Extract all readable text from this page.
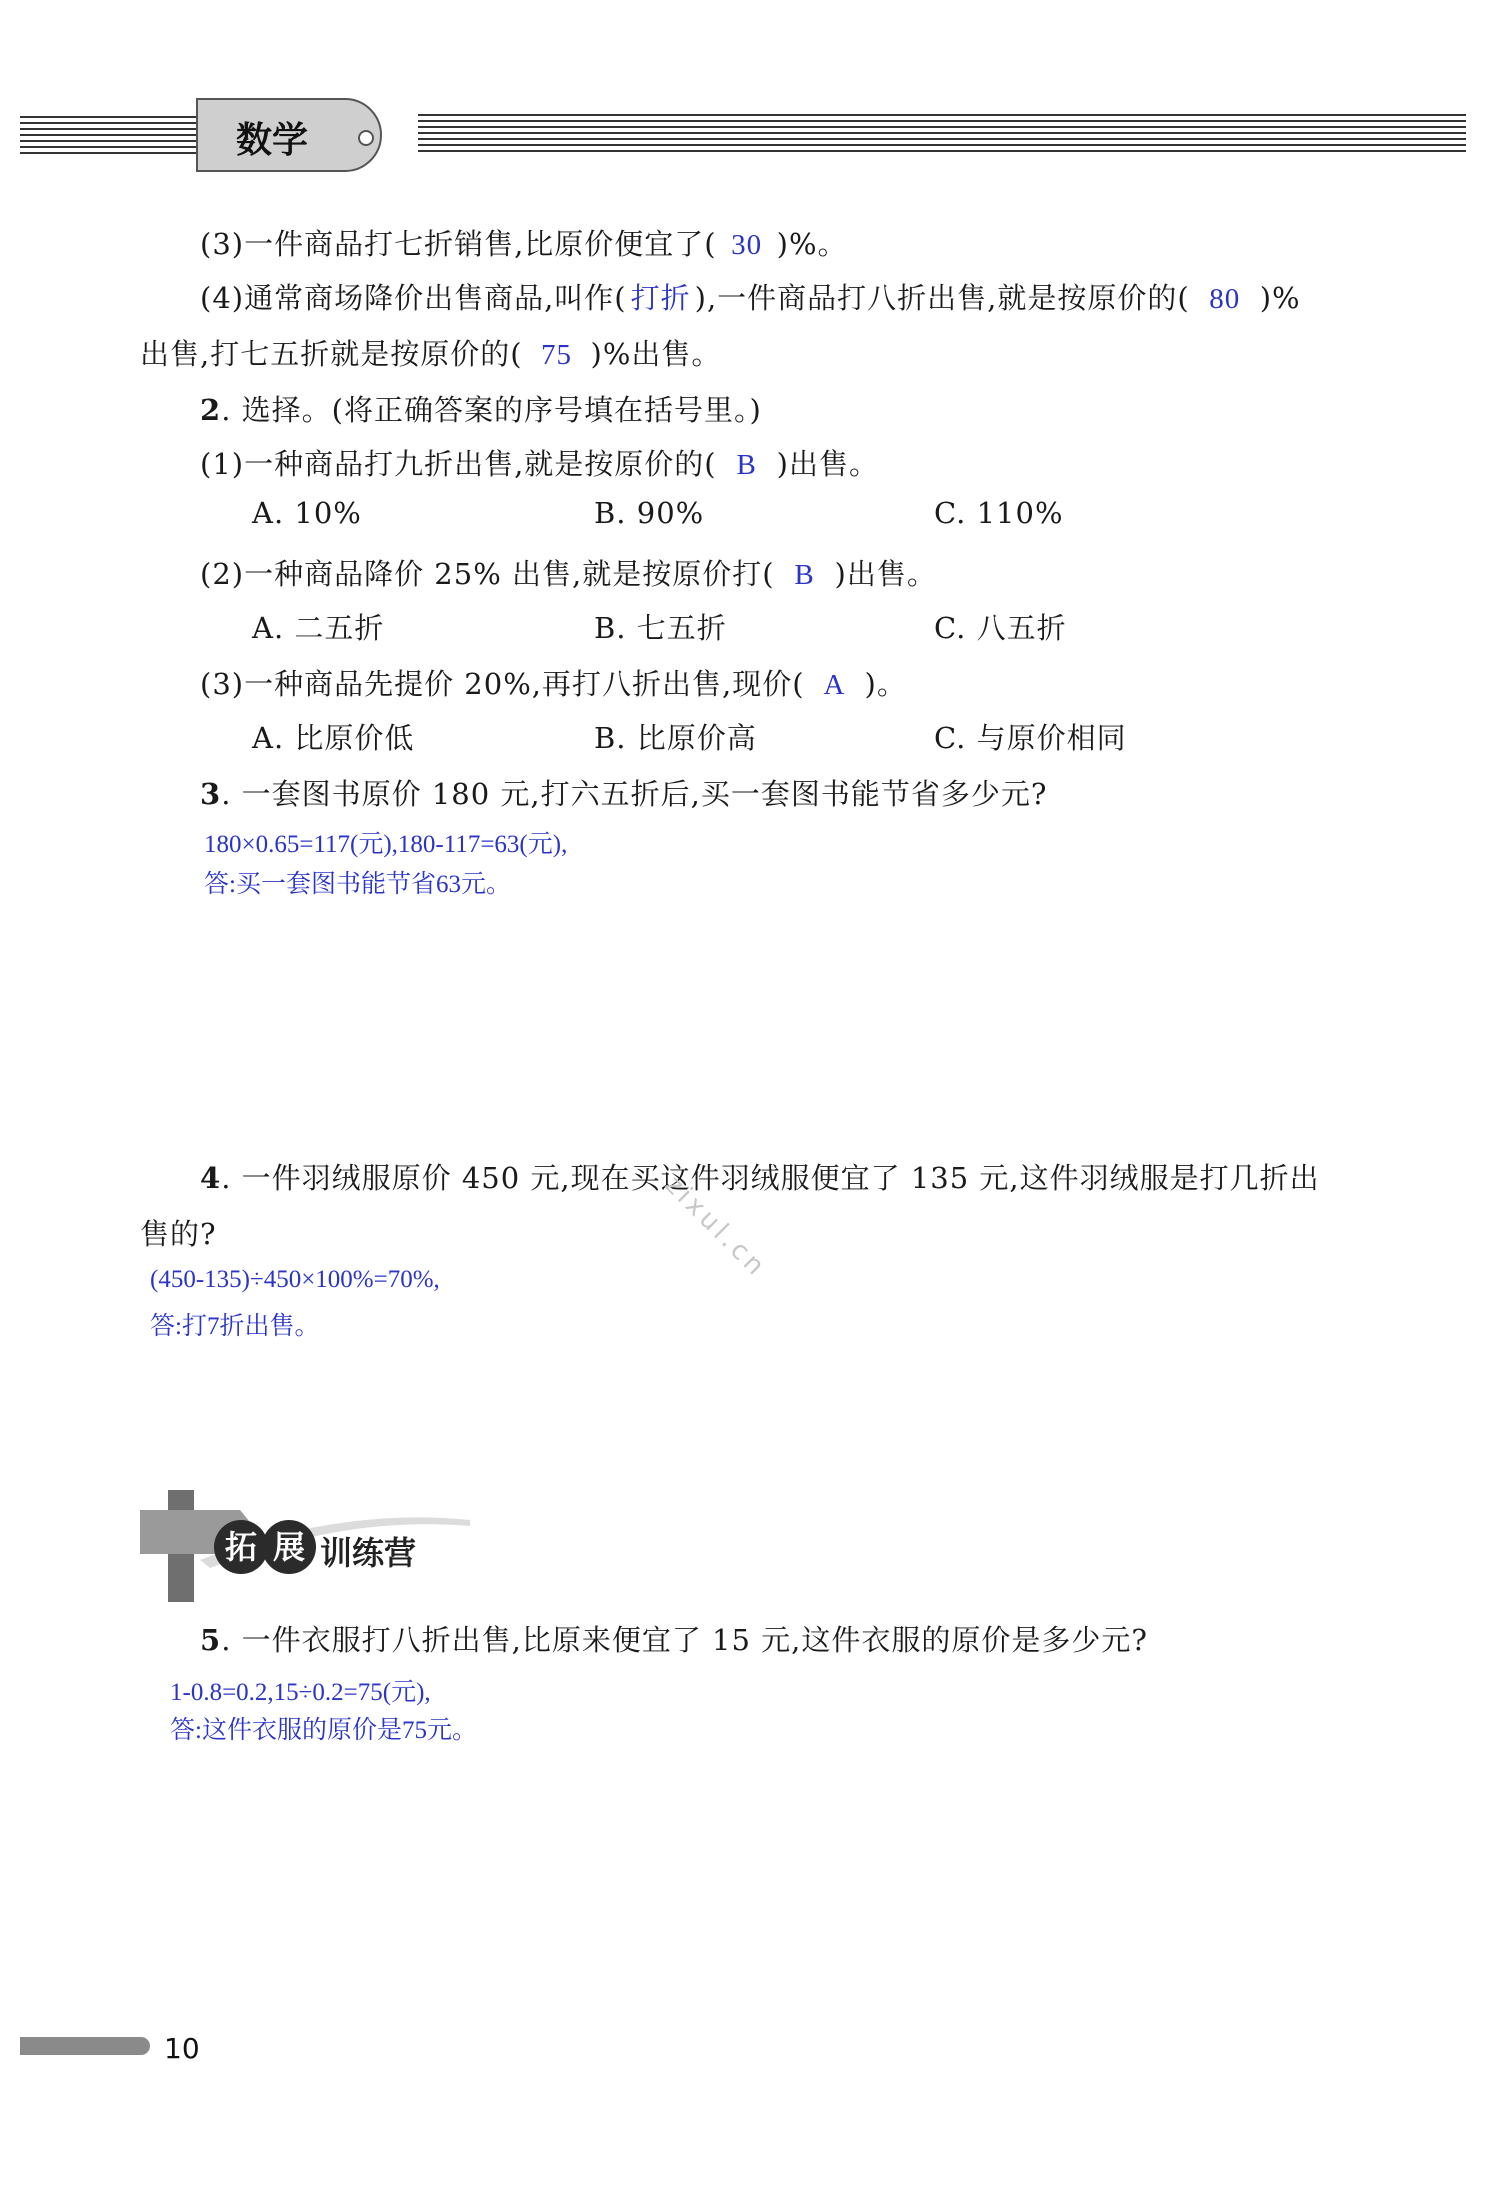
数学
(3)一件商品打七折销售,比原价便宜了( 30 )%。
(4)通常商场降价出售商品,叫作( 打折 ),一件商品打八折出售,就是按原价的( 80 )%
出售,打七五折就是按原价的( 75 )%出售。
2. 选择。(将正确答案的序号填在括号里。)
(1)一种商品打九折出售,就是按原价的( B )出售。
A. 10%	B. 90%	C. 110%
(2)一种商品降价 25% 出售,就是按原价打( B )出售。
A. 二五折	B. 七五折	C. 八五折
(3)一种商品先提价 20%,再打八折出售,现价( A )。
A. 比原价低	B. 比原价高	C. 与原价相同
3. 一套图书原价 180 元,打六五折后,买一套图书能节省多少元?
180×0.65=117(元),180-117=63(元),
答:买一套图书能节省63元。
4. 一件羽绒服原价 450 元,现在买这件羽绒服便宜了 135 元,这件羽绒服是打几折出
售的?
(450-135)÷450×100%=70%,
答:打7折出售。
zixul.cn
拓 展 训练营
5. 一件衣服打八折出售,比原来便宜了 15 元,这件衣服的原价是多少元?
1-0.8=0.2,15÷0.2=75(元),
答:这件衣服的原价是75元。
10
